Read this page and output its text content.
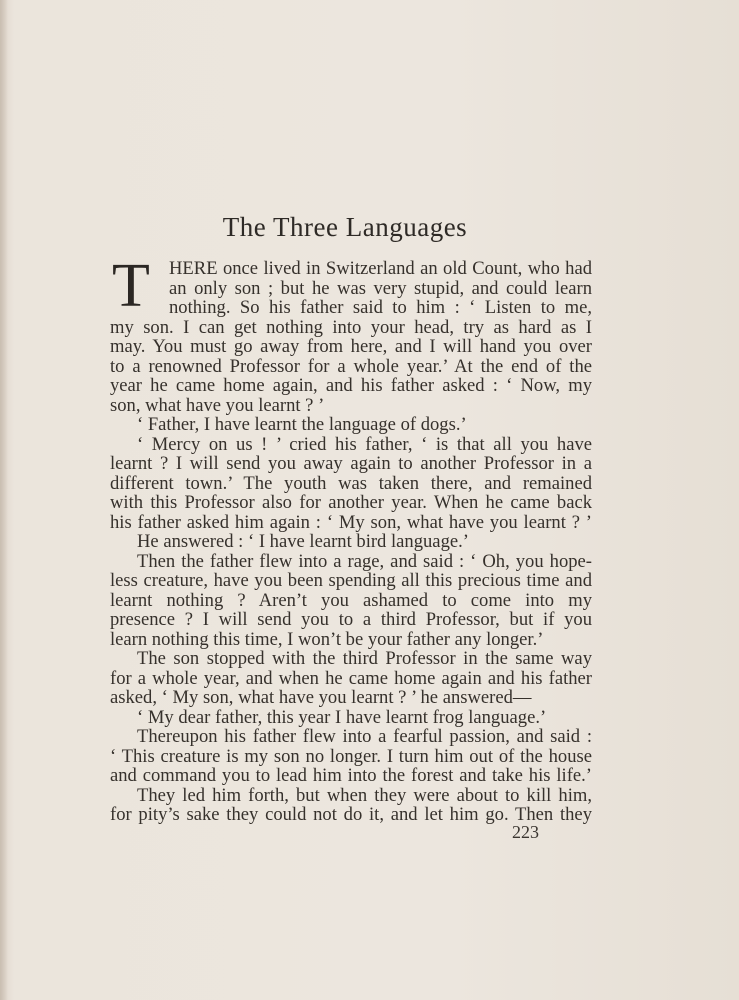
The Three Languages
T	HERE once lived in Switzerland an old Count, who had
an only son ; but he was very stupid, and could learn
nothing. So his father said to him : ‘ Listen to me,
my son. I can get nothing into your head, try as hard as I
may. You must go away from here, and I will hand you over
to a renowned Professor for a whole year.’ At the end of the
year he came home again, and his father asked : ‘ Now, my
son, what have you learnt ? ’
‘ Father, I have learnt the language of dogs.’
‘ Mercy on us ! ’ cried his father, ‘ is that all you have
learnt ? I will send you away again to another Professor in a
different town.’ The youth was taken there, and remained
with this Professor also for another year. When he came back
his father asked him again : ‘ My son, what have you learnt ? ’
He answered : ‘ I have learnt bird language.’
Then the father flew into a rage, and said : ‘ Oh, you hope-
less creature, have you been spending all this precious time and
learnt nothing ? Aren’t you ashamed to come into my
presence ? I will send you to a third Professor, but if you
learn nothing this time, I won’t be your father any longer.’
The son stopped with the third Professor in the same way
for a whole year, and when he came home again and his father
asked, ‘ My son, what have you learnt ? ’ he answered—
‘ My dear father, this year I have learnt frog language.’
Thereupon his father flew into a fearful passion, and said :
‘ This creature is my son no longer. I turn him out of the house
and command you to lead him into the forest and take his life.’
They led him forth, but when they were about to kill him,
for pity’s sake they could not do it, and let him go. Then they
223
